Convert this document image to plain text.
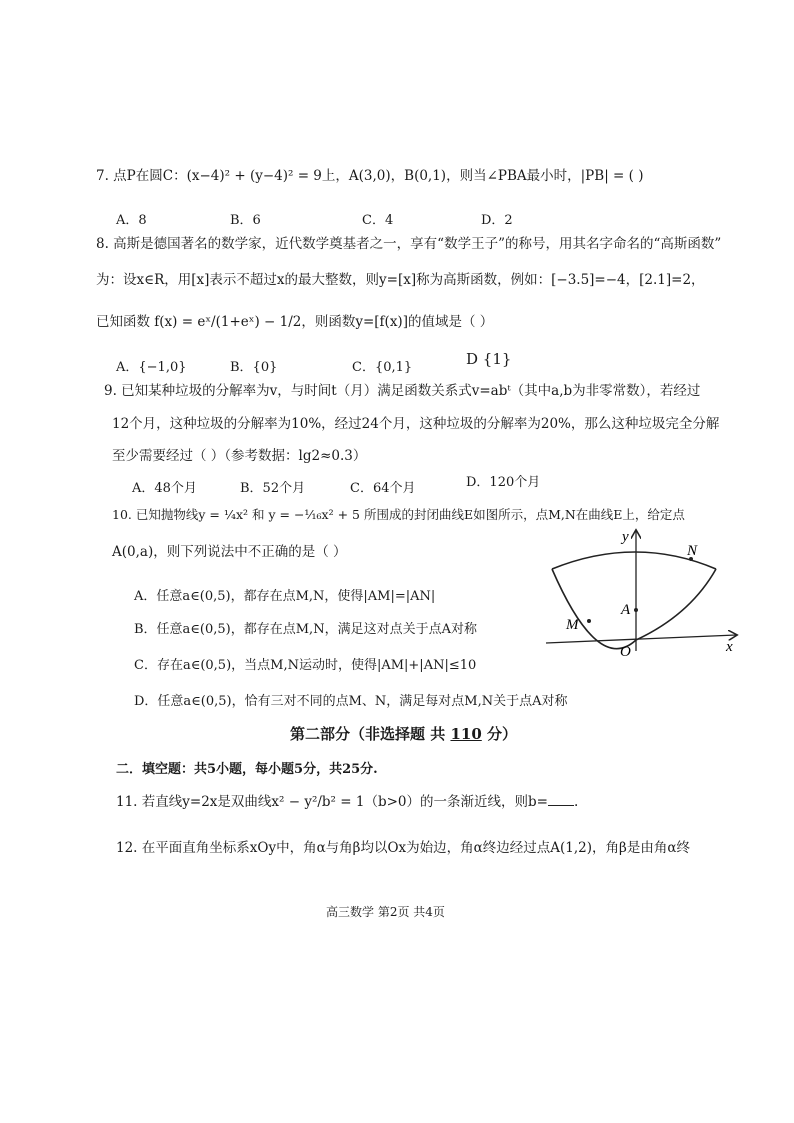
7. 点P在圆C：(x−4)² + (y−4)² = 9上，A(3,0)，B(0,1)，则当∠PBA最小时，|PB| = ( )
A．8	B．6	C．4	D．2
8. 高斯是德国著名的数学家，近代数学奠基者之一，享有“数学王子”的称号，用其名字命名的“高斯函数”
为：设x∈R，用[x]表示不超过x的最大整数，则y=[x]称为高斯函数，例如：[−3.5]=−4，[2.1]=2，
已知函数 f(x) = eˣ/(1+eˣ) − 1/2，则函数y=[f(x)]的值域是（ ）
A．{−1,0}	B．{0}	C．{0,1}	D {1}
9. 已知某种垃圾的分解率为v，与时间t（月）满足函数关系式v=abᵗ（其中a,b为非零常数），若经过
12个月，这种垃圾的分解率为10%，经过24个月，这种垃圾的分解率为20%，那么这种垃圾完全分解
至少需要经过（ ）（参考数据：lg2≈0.3）
A．48个月	B．52个月	C．64个月	D．120个月
10. 已知抛物线y = ¼x² 和 y = −¹⁄₁₆x² + 5 所围成的封闭曲线E如图所示，点M,N在曲线E上，给定点
A(0,a)，则下列说法中不正确的是（ ）
A．任意a∈(0,5)，都存在点M,N，使得|AM|=|AN|
B．任意a∈(0,5)，都存在点M,N，满足这对点关于点A对称
C．存在a∈(0,5)，当点M,N运动时，使得|AM|+|AN|≤10
D．任意a∈(0,5)，恰有三对不同的点M、N，满足每对点M,N关于点A对称
y
x
O
A
M
N
第二部分（非选择题 共 110 分）
二．填空题：共5小题，每小题5分，共25分.
11. 若直线y=2x是双曲线x² − y²/b² = 1（b>0）的一条渐近线，则b= .
12. 在平面直角坐标系xOy中，角α与角β均以Ox为始边，角α终边经过点A(1,2)，角β是由角α终
高三数学 第2页 共4页
